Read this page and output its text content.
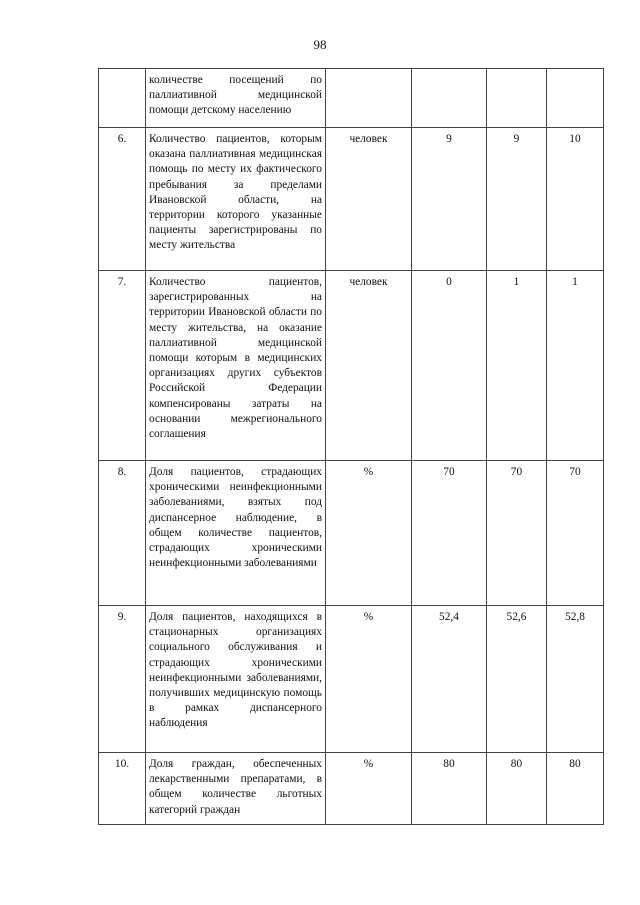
98
	количестве посещений по паллиативной медицинской помощи детскому населению				
6.	Количество пациентов, которым оказана паллиативная медицинская помощь по месту их фактического пребывания за пределами Ивановской области, на территории которого указанные пациенты зарегистрированы по месту жительства	человек	9	9	10
7.	Количество пациентов, зарегистрированных на территории Ивановской области по месту жительства, на оказание паллиативной медицинской помощи которым в медицинских организациях других субъектов Российской Федерации компенсированы затраты на основании межрегионального соглашения	человек	0	1	1
8.	Доля пациентов, страдающих хроническими неинфекционными заболеваниями, взятых под диспансерное наблюдение, в общем количестве пациентов, страдающих хроническими неинфекционными заболеваниями	%	70	70	70
9.	Доля пациентов, находящихся в стационарных организациях социального обслуживания и страдающих хроническими неинфекционными заболеваниями, получивших медицинскую помощь в рамках диспансерного наблюдения	%	52,4	52,6	52,8
10.	Доля граждан, обеспеченных лекарственными препаратами, в общем количестве льготных категорий граждан	%	80	80	80
